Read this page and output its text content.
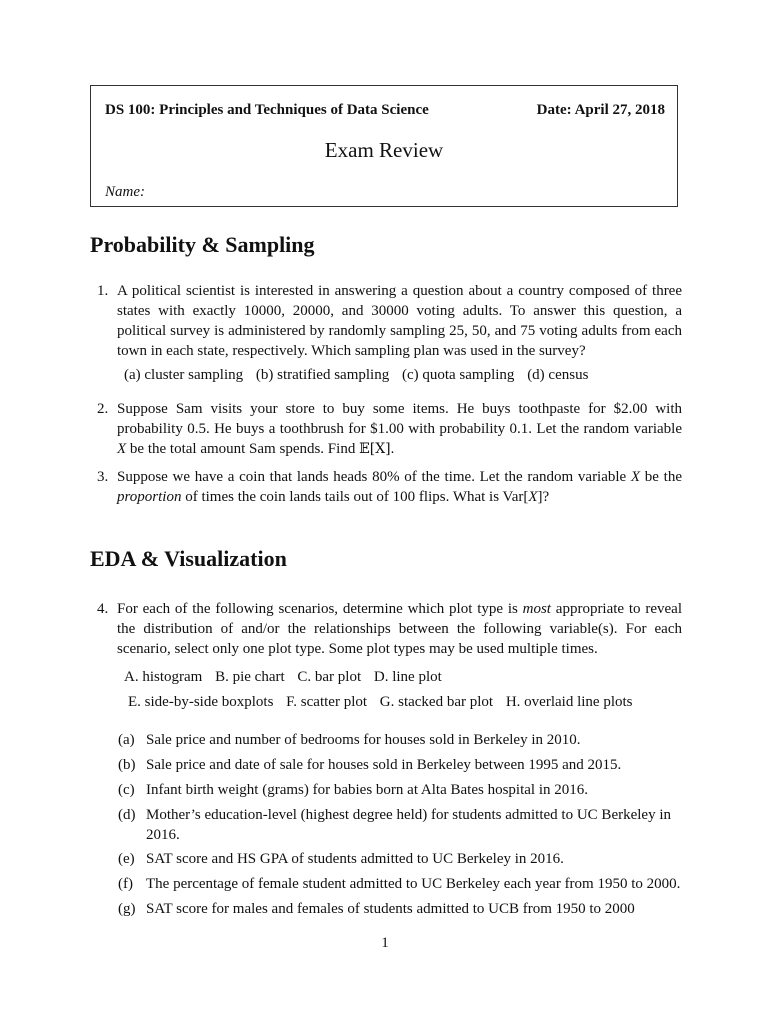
DS 100: Principles and Techniques of Data Science	Date: April 27, 2018
Exam Review
Name:
Probability & Sampling
1. A political scientist is interested in answering a question about a country composed of three states with exactly 10000, 20000, and 30000 voting adults. To answer this question, a political survey is administered by randomly sampling 25, 50, and 75 voting adults from each town in each state, respectively. Which sampling plan was used in the survey?
(a) cluster sampling (b) stratified sampling (c) quota sampling (d) census
2. Suppose Sam visits your store to buy some items. He buys toothpaste for $2.00 with probability 0.5. He buys a toothbrush for $1.00 with probability 0.1. Let the random variable X be the total amount Sam spends. Find 𝔼[X].
3. Suppose we have a coin that lands heads 80% of the time. Let the random variable X be the proportion of times the coin lands tails out of 100 flips. What is Var[X]?
EDA & Visualization
4. For each of the following scenarios, determine which plot type is most appropriate to reveal the distribution of and/or the relationships between the following variable(s). For each scenario, select only one plot type. Some plot types may be used multiple times.
A. histogram B. pie chart C. bar plot D. line plot
E. side-by-side boxplots F. scatter plot G. stacked bar plot H. overlaid line plots
(a) Sale price and number of bedrooms for houses sold in Berkeley in 2010.
(b) Sale price and date of sale for houses sold in Berkeley between 1995 and 2015.
(c) Infant birth weight (grams) for babies born at Alta Bates hospital in 2016.
(d) Mother’s education-level (highest degree held) for students admitted to UC Berkeley in 2016.
(e) SAT score and HS GPA of students admitted to UC Berkeley in 2016.
(f) The percentage of female student admitted to UC Berkeley each year from 1950 to 2000.
(g) SAT score for males and females of students admitted to UCB from 1950 to 2000
1
